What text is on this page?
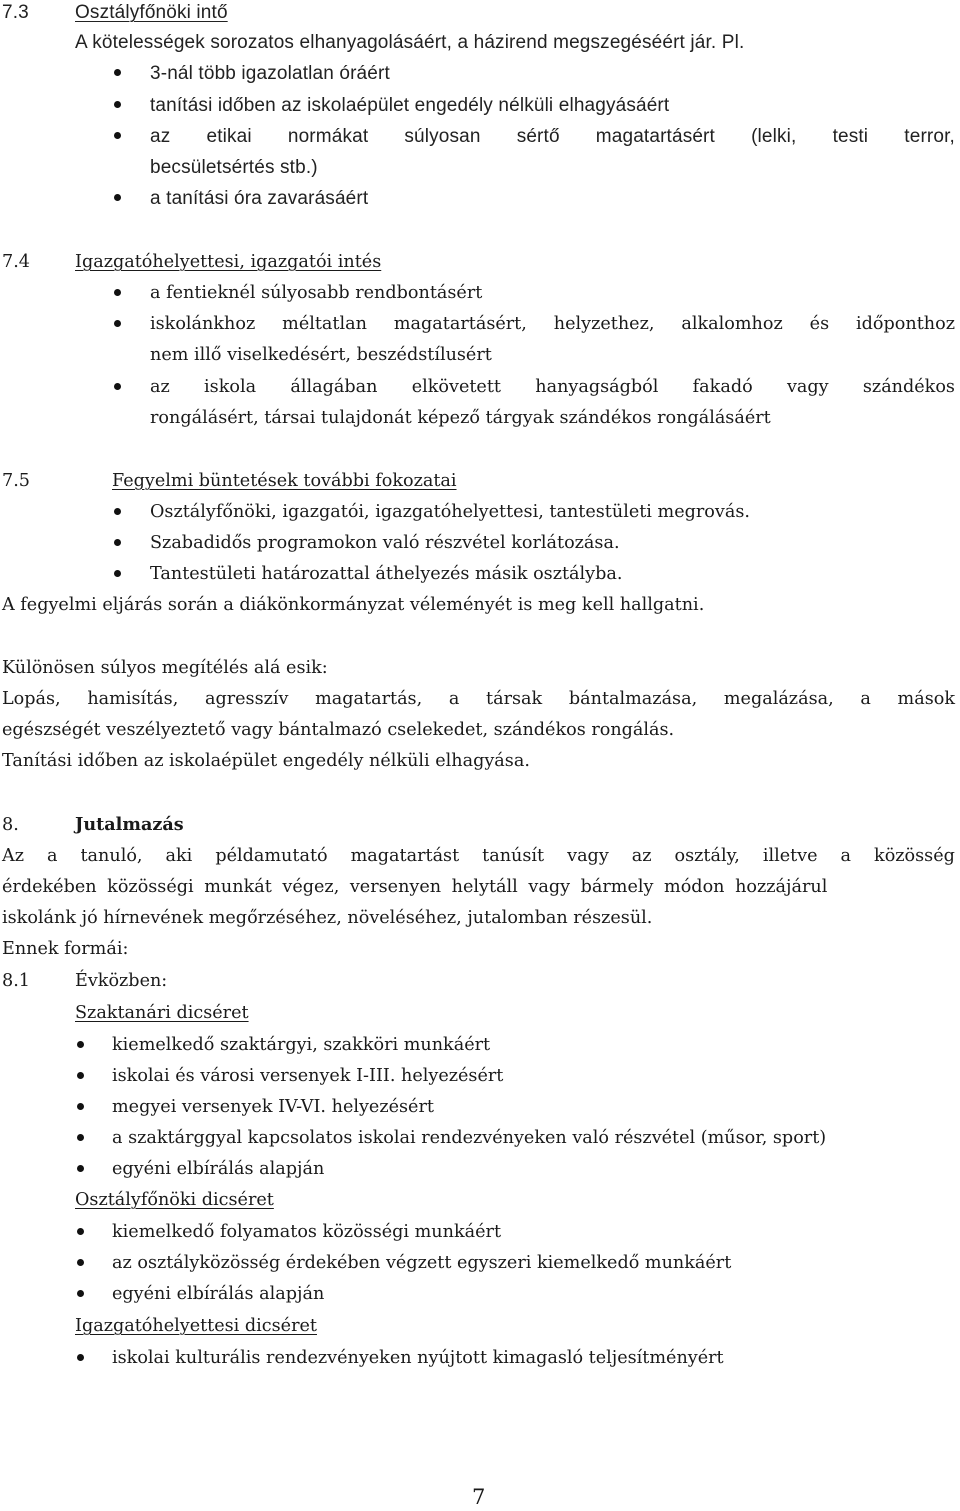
7.3 Osztályfőnöki intő
A kötelességek sorozatos elhanyagolásáért, a házirend megszegéséért jár. Pl.
3-nál több igazolatlan óráért
tanítási időben az iskolaépület engedély nélküli elhagyásáért
az etikai normákat súlyosan sértő magatartásért (lelki, testi terror,
becsületsértés stb.)
a tanítási óra zavarásáért
7.4	Igazgatóhelyettesi, igazgatói intés
a fentieknél súlyosabb rendbontásért
iskolánkhoz méltatlan magatartásért, helyzethez, alkalomhoz és időponthoz
nem illő viselkedésért, beszédstílusért
az iskola állagában elkövetett hanyagságból fakadó vagy szándékos
rongálásért, társai tulajdonát képező tárgyak szándékos rongálásáért
7.5	Fegyelmi büntetések további fokozatai
Osztályfőnöki, igazgatói, igazgatóhelyettesi, tantestületi megrovás.
Szabadidős programokon való részvétel korlátozása.
Tantestületi határozattal áthelyezés másik osztályba.
A fegyelmi eljárás során a diákönkormányzat véleményét is meg kell hallgatni.
Különösen súlyos megítélés alá esik:
Lopás, hamisítás, agresszív magatartás, a társak bántalmazása, megalázása, a mások
egészségét veszélyeztető vagy bántalmazó cselekedet, szándékos rongálás.
Tanítási időben az iskolaépület engedély nélküli elhagyása.
8.	Jutalmazás
Az a tanuló, aki példamutató magatartást tanúsít vagy az osztály, illetve a közösség
érdekében közösségi munkát végez, versenyen helytáll vagy bármely módon hozzájárul
iskolánk jó hírnevének megőrzéséhez, növeléséhez, jutalomban részesül.
Ennek formái:
8.1	Évközben:
Szaktanári dicséret
kiemelkedő szaktárgyi, szakköri munkáért
iskolai és városi versenyek I-III. helyezésért
megyei versenyek IV-VI. helyezésért
a szaktárggyal kapcsolatos iskolai rendezvényeken való részvétel (műsor, sport)
egyéni elbírálás alapján
Osztályfőnöki dicséret
kiemelkedő folyamatos közösségi munkáért
az osztályközösség érdekében végzett egyszeri kiemelkedő munkáért
egyéni elbírálás alapján
Igazgatóhelyettesi dicséret
iskolai kulturális rendezvényeken nyújtott kimagasló teljesítményért
7
